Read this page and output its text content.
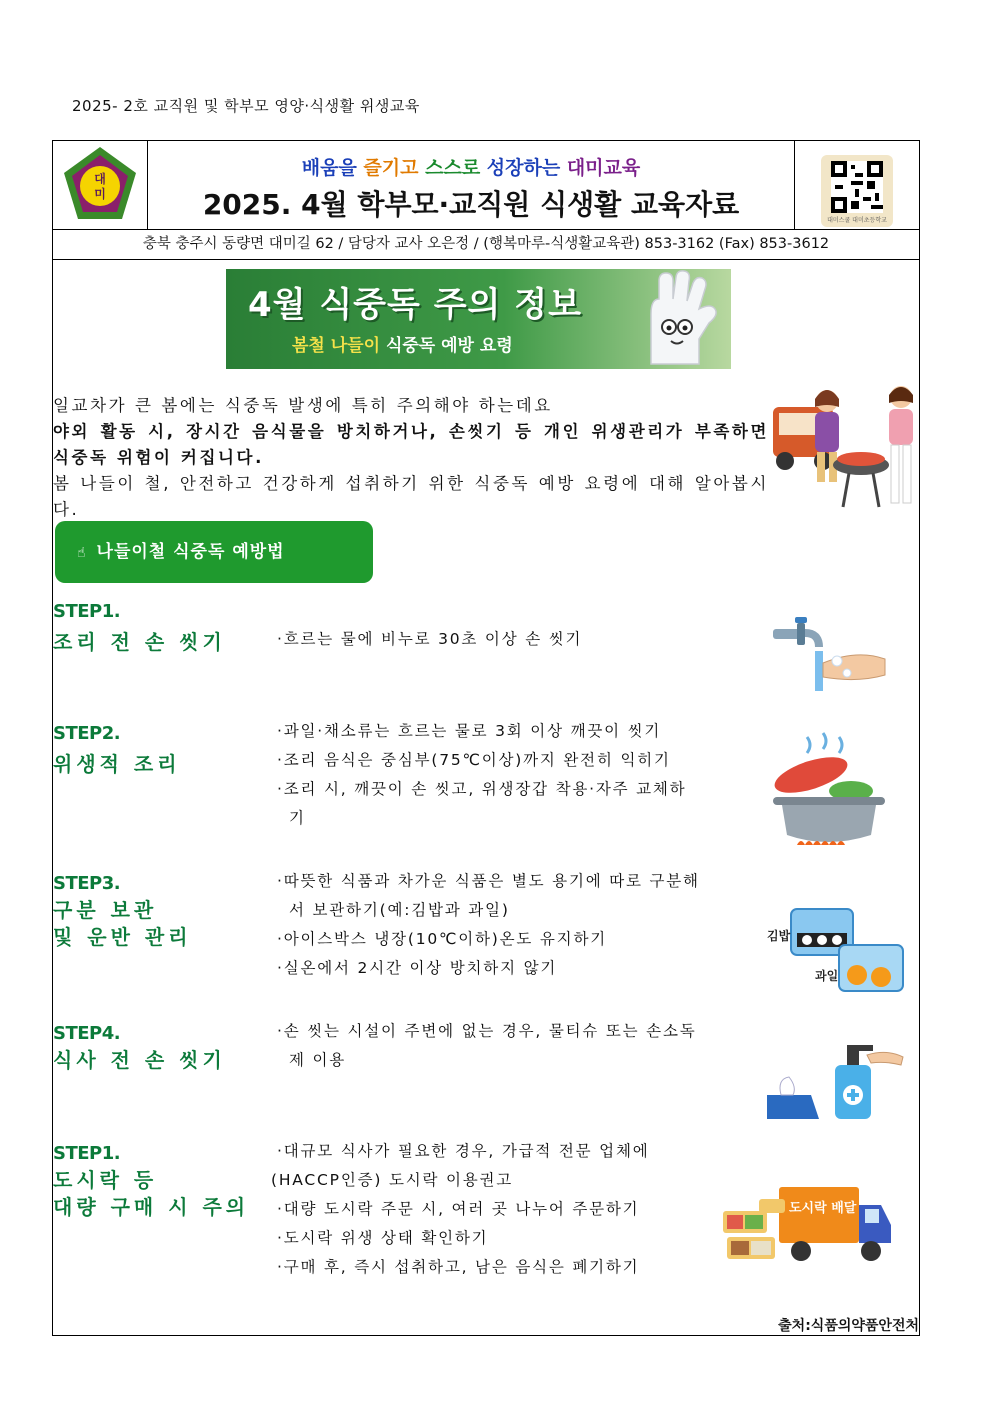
2025- 2호 교직원 및 학부모 영양·식생활 위생교육
대
미
배움을 즐기고 스스로 성장하는 대미교육
2025. 4월 학부모·교직원 식생활 교육자료	대미스쿨 대미초등학교
충북 충주시 동량면 대미길 62 / 담당자 교사 오은정 / (행복마루-식생활교육관) 853-3162 (Fax) 853-3612
4월 식중독 주의 정보
봄철 나들이 식중독 예방 요령
일교차가 큰 봄에는 식중독 발생에 특히 주의해야 하는데요
야외 활동 시, 장시간 음식물을 방치하거나, 손씻기 등 개인 위생관리가 부족하면 식중독 위험이 커집니다.
봄 나들이 철, 안전하고 건강하게 섭취하기 위한 식중독 예방 요령에 대해 알아봅시다.
☝ 나들이철 식중독 예방법
STEP1.
조리 전 손 씻기	·흐르는 물에 비누로 30초 이상 손 씻기
STEP2.
위생적 조리
·과일·채소류는 흐르는 물로 3회 이상 깨끗이 씻기
·조리 음식은 중심부(75℃이상)까지 완전히 익히기
·조리 시, 깨끗이 손 씻고, 위생장갑 착용·자주 교체하
기
STEP3.
구분 보관
및 운반 관리
·따뜻한 식품과 차가운 식품은 별도 용기에 따로 구분해
서 보관하기(예:김밥과 과일)
·아이스박스 냉장(10℃이하)온도 유지하기
·실온에서 2시간 이상 방치하지 않기
김밥
과일
STEP4.
식사 전 손 씻기
·손 씻는 시설이 주변에 없는 경우, 물티슈 또는 손소독
제 이용
STEP1.
도시락 등
대량 구매 시 주의
·대규모 식사가 필요한 경우, 가급적 전문 업체에
(HACCP인증) 도시락 이용권고
·대량 도시락 주문 시, 여러 곳 나누어 주문하기
·도시락 위생 상태 확인하기
·구매 후, 즉시 섭취하고, 남은 음식은 폐기하기
도시락 배달
출처:식품의약품안전처
